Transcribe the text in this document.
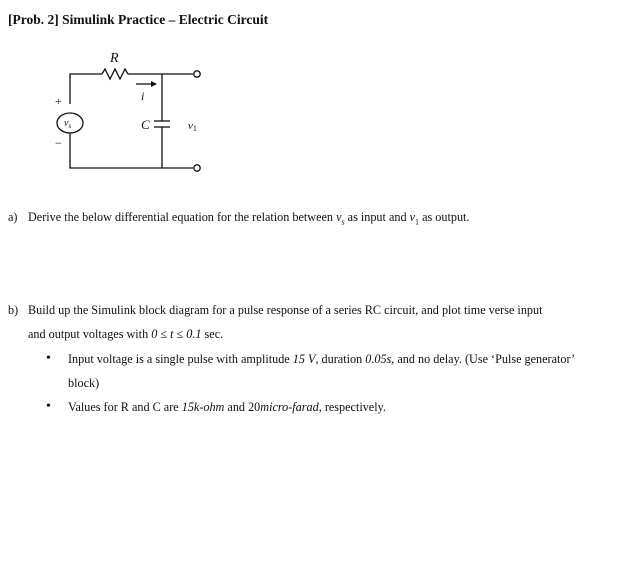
[Prob. 2] Simulink Practice – Electric Circuit
R
i
C
+
−
$v_s$	v1
a) Derive the below differential equation for the relation between $v_s$ as input and $v_1$ as output.
b) Build up the Simulink block diagram for a pulse response of a series RC circuit, and plot time verse input
and output voltages with 0 ≤ t ≤ 0.1 sec.
• Input voltage is a single pulse with amplitude 15 V, duration 0.05s, and no delay. (Use ‘Pulse generator’ block)
• Values for R and C are 15k-ohm and 20micro-farad, respectively.
